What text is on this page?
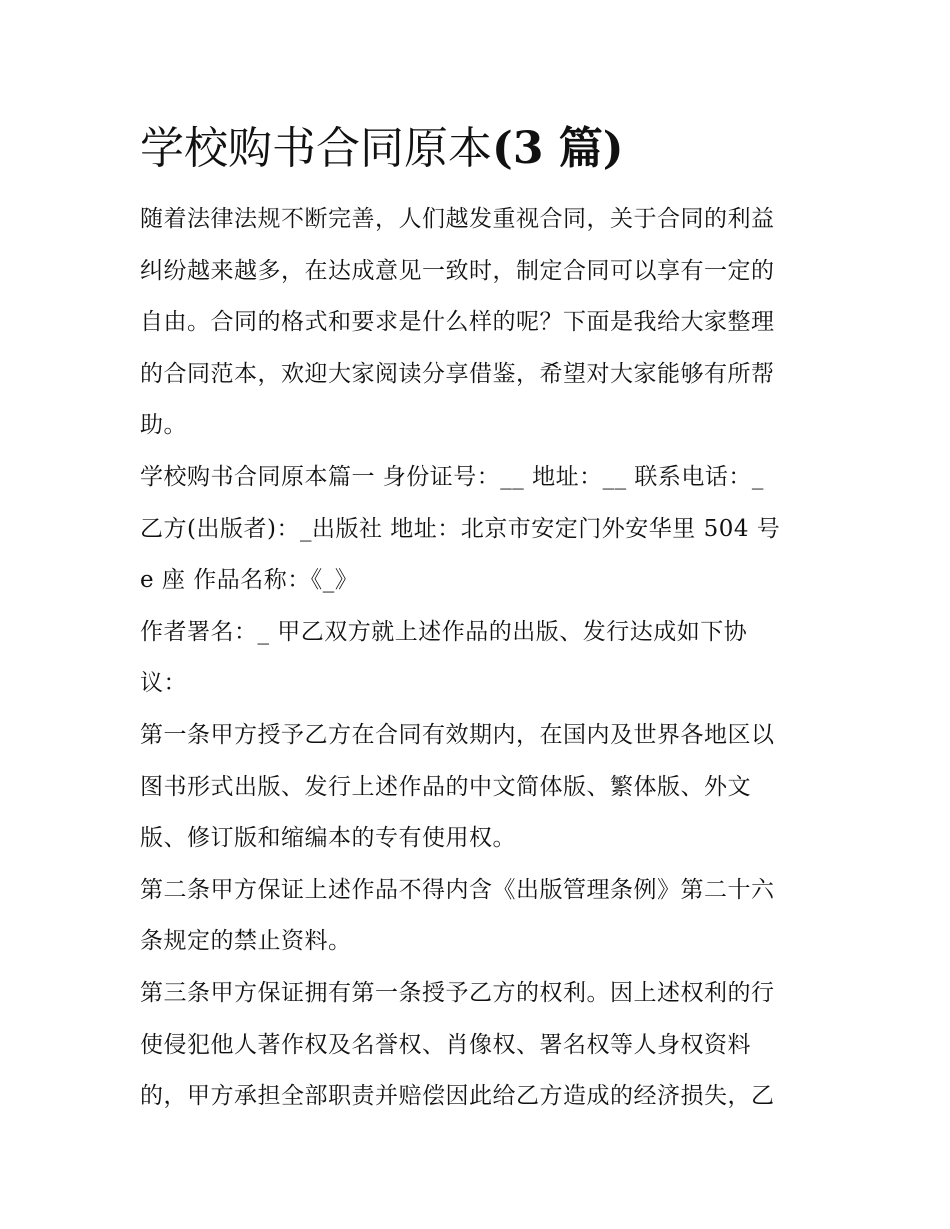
学校购书合同原本(3 篇)

随着法律法规不断完善，人们越发重视合同，关于合同的利益
纠纷越来越多，在达成意见一致时，制定合同可以享有一定的
自由。合同的格式和要求是什么样的呢？下面是我给大家整理
的合同范本，欢迎大家阅读分享借鉴，希望对大家能够有所帮
助。

学校购书合同原本篇一 身份证号：__ 地址：__ 联系电话：_
乙方(出版者)：_出版社 地址：北京市安定门外安华里 504 号
e 座 作品名称：《_》

作者署名：_ 甲乙双方就上述作品的出版、发行达成如下协
议：

第一条甲方授予乙方在合同有效期内，在国内及世界各地区以
图书形式出版、发行上述作品的中文简体版、繁体版、外文
版、修订版和缩编本的专有使用权。

第二条甲方保证上述作品不得内含《出版管理条例》第二十六
条规定的禁止资料。

第三条甲方保证拥有第一条授予乙方的权利。因上述权利的行
使侵犯他人著作权及名誉权、肖像权、署名权等人身权资料
的，甲方承担全部职责并赔偿因此给乙方造成的经济损失，乙
